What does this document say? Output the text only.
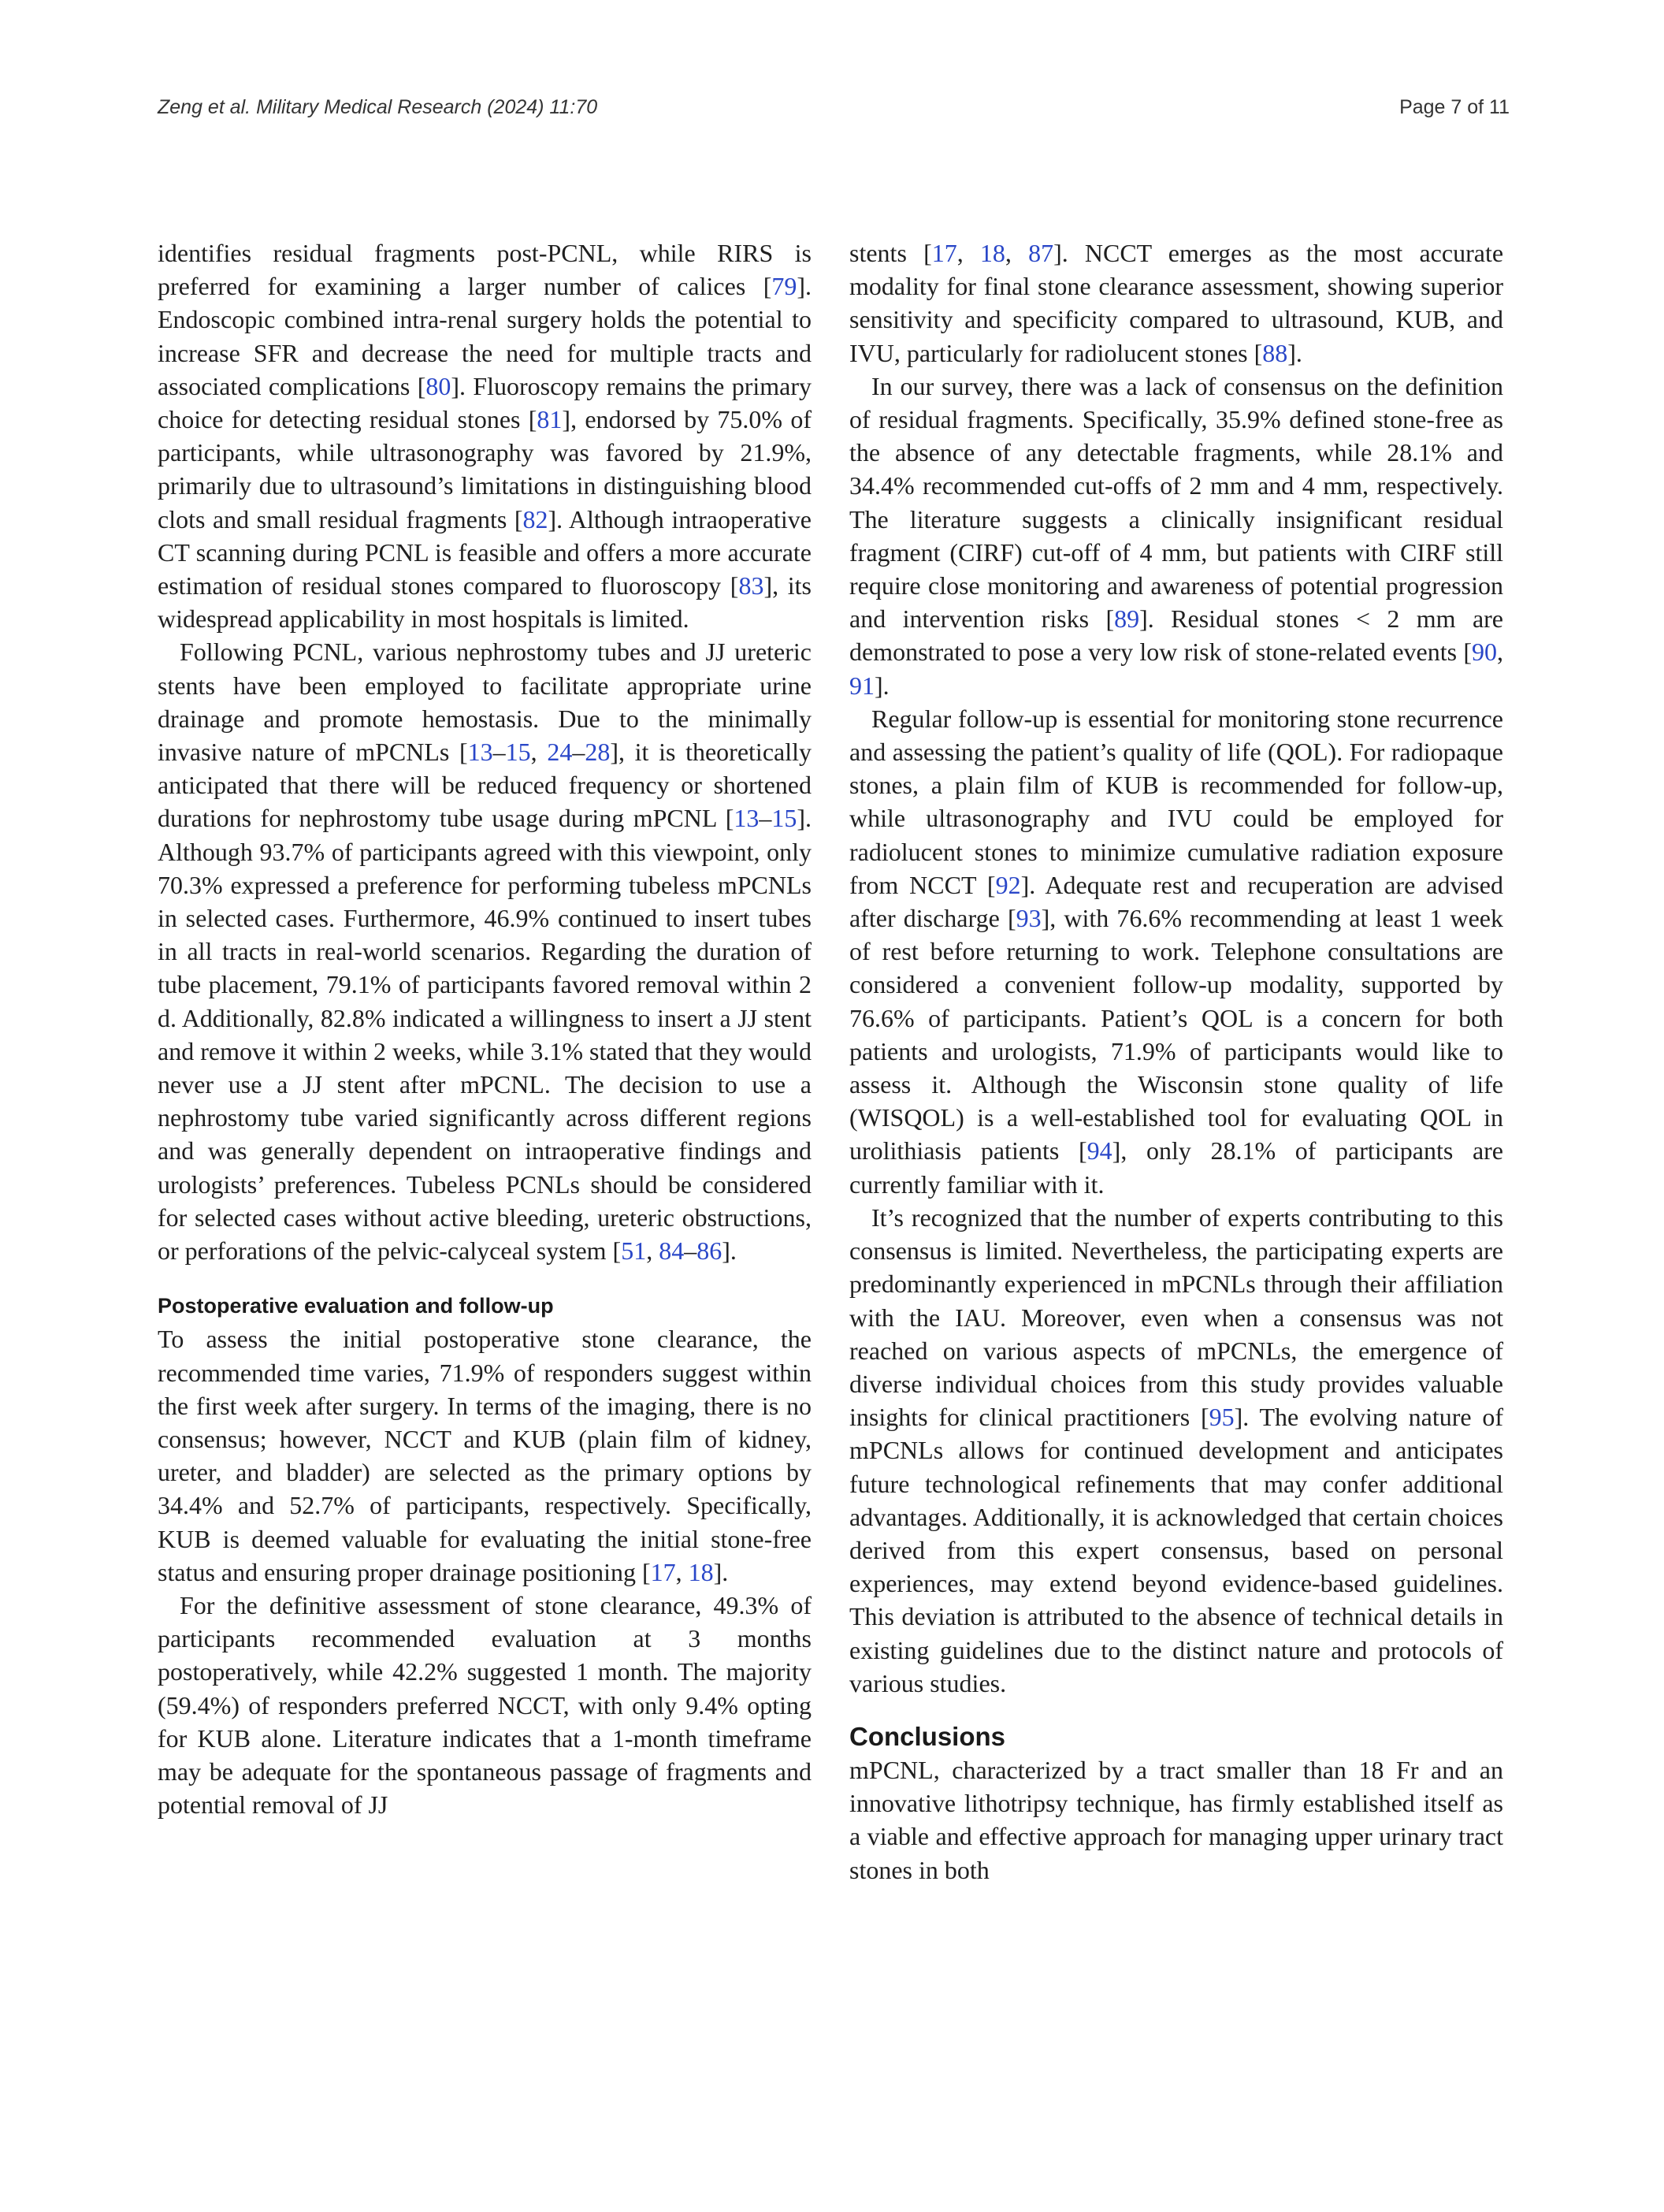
Zeng et al. Military Medical Research (2024) 11:70	Page 7 of 11

identifies residual fragments post-PCNL, while RIRS is preferred for examining a larger number of calices [79]. Endoscopic combined intra-renal surgery holds the potential to increase SFR and decrease the need for multiple tracts and associated complications [80]. Fluoroscopy remains the primary choice for detecting residual stones [81], endorsed by 75.0% of participants, while ultrasonography was favored by 21.9%, primarily due to ultrasound’s limitations in distinguishing blood clots and small residual fragments [82]. Although intraoperative CT scanning during PCNL is feasible and offers a more accurate estimation of residual stones compared to fluoroscopy [83], its widespread applicability in most hospitals is limited.

Following PCNL, various nephrostomy tubes and JJ ureteric stents have been employed to facilitate appropriate urine drainage and promote hemostasis. Due to the minimally invasive nature of mPCNLs [13–15, 24–28], it is theoretically anticipated that there will be reduced frequency or shortened durations for nephrostomy tube usage during mPCNL [13–15]. Although 93.7% of participants agreed with this viewpoint, only 70.3% expressed a preference for performing tubeless mPCNLs in selected cases. Furthermore, 46.9% continued to insert tubes in all tracts in real-world scenarios. Regarding the duration of tube placement, 79.1% of participants favored removal within 2 d. Additionally, 82.8% indicated a willingness to insert a JJ stent and remove it within 2 weeks, while 3.1% stated that they would never use a JJ stent after mPCNL. The decision to use a nephrostomy tube varied significantly across different regions and was generally dependent on intraoperative findings and urologists’ preferences. Tubeless PCNLs should be considered for selected cases without active bleeding, ureteric obstructions, or perforations of the pelvic-calyceal system [51, 84–86].

Postoperative evaluation and follow-up

To assess the initial postoperative stone clearance, the recommended time varies, 71.9% of responders suggest within the first week after surgery. In terms of the imaging, there is no consensus; however, NCCT and KUB (plain film of kidney, ureter, and bladder) are selected as the primary options by 34.4% and 52.7% of participants, respectively. Specifically, KUB is deemed valuable for evaluating the initial stone-free status and ensuring proper drainage positioning [17, 18].

For the definitive assessment of stone clearance, 49.3% of participants recommended evaluation at 3 months postoperatively, while 42.2% suggested 1 month. The majority (59.4%) of responders preferred NCCT, with only 9.4% opting for KUB alone. Literature indicates that a 1-month timeframe may be adequate for the spontaneous passage of fragments and potential removal of JJ

stents [17, 18, 87]. NCCT emerges as the most accurate modality for final stone clearance assessment, showing superior sensitivity and specificity compared to ultrasound, KUB, and IVU, particularly for radiolucent stones [88].

In our survey, there was a lack of consensus on the definition of residual fragments. Specifically, 35.9% defined stone-free as the absence of any detectable fragments, while 28.1% and 34.4% recommended cut-offs of 2 mm and 4 mm, respectively. The literature suggests a clinically insignificant residual fragment (CIRF) cut-off of 4 mm, but patients with CIRF still require close monitoring and awareness of potential progression and intervention risks [89]. Residual stones < 2 mm are demonstrated to pose a very low risk of stone-related events [90, 91].

Regular follow-up is essential for monitoring stone recurrence and assessing the patient’s quality of life (QOL). For radiopaque stones, a plain film of KUB is recommended for follow-up, while ultrasonography and IVU could be employed for radiolucent stones to minimize cumulative radiation exposure from NCCT [92]. Adequate rest and recuperation are advised after discharge [93], with 76.6% recommending at least 1 week of rest before returning to work. Telephone consultations are considered a convenient follow-up modality, supported by 76.6% of participants. Patient’s QOL is a concern for both patients and urologists, 71.9% of participants would like to assess it. Although the Wisconsin stone quality of life (WISQOL) is a well-established tool for evaluating QOL in urolithiasis patients [94], only 28.1% of participants are currently familiar with it.

It’s recognized that the number of experts contributing to this consensus is limited. Nevertheless, the participating experts are predominantly experienced in mPCNLs through their affiliation with the IAU. Moreover, even when a consensus was not reached on various aspects of mPCNLs, the emergence of diverse individual choices from this study provides valuable insights for clinical practitioners [95]. The evolving nature of mPCNLs allows for continued development and anticipates future technological refinements that may confer additional advantages. Additionally, it is acknowledged that certain choices derived from this expert consensus, based on personal experiences, may extend beyond evidence-based guidelines. This deviation is attributed to the absence of technical details in existing guidelines due to the distinct nature and protocols of various studies.

Conclusions

mPCNL, characterized by a tract smaller than 18 Fr and an innovative lithotripsy technique, has firmly established itself as a viable and effective approach for managing upper urinary tract stones in both
